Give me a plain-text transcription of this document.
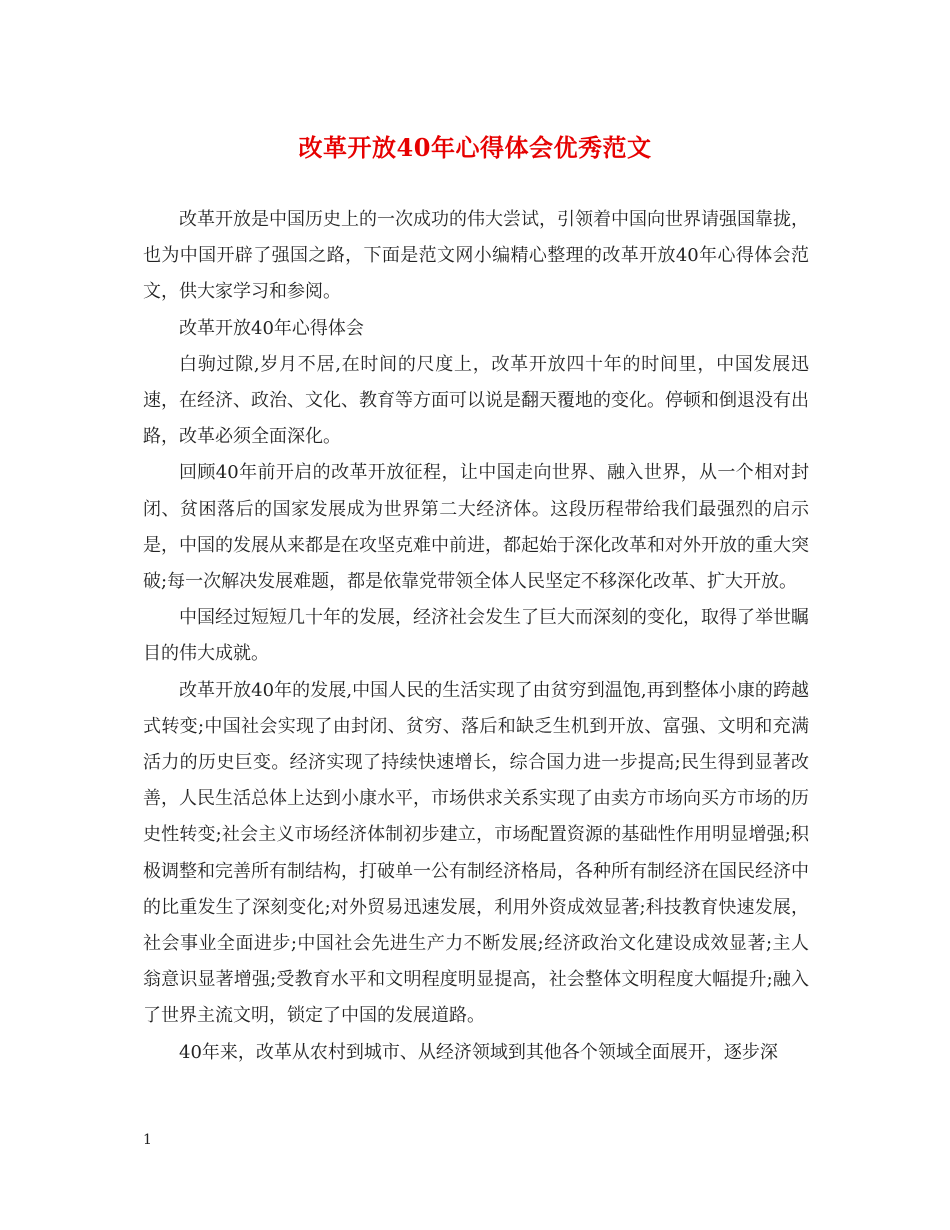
改革开放40年心得体会优秀范文

改革开放是中国历史上的一次成功的伟大尝试，引领着中国向世界请强国靠拢，也为中国开辟了强国之路，下面是范文网小编精心整理的改革开放40年心得体会范文，供大家学习和参阅。

改革开放40年心得体会

白驹过隙,岁月不居,在时间的尺度上，改革开放四十年的时间里，中国发展迅速，在经济、政治、文化、教育等方面可以说是翻天覆地的变化。停顿和倒退没有出路，改革必须全面深化。

回顾40年前开启的改革开放征程，让中国走向世界、融入世界，从一个相对封闭、贫困落后的国家发展成为世界第二大经济体。这段历程带给我们最强烈的启示是，中国的发展从来都是在攻坚克难中前进，都起始于深化改革和对外开放的重大突破;每一次解决发展难题，都是依靠党带领全体人民坚定不移深化改革、扩大开放。

中国经过短短几十年的发展，经济社会发生了巨大而深刻的变化，取得了举世瞩目的伟大成就。

改革开放40年的发展,中国人民的生活实现了由贫穷到温饱,再到整体小康的跨越式转变;中国社会实现了由封闭、贫穷、落后和缺乏生机到开放、富强、文明和充满活力的历史巨变。经济实现了持续快速增长，综合国力进一步提高;民生得到显著改善，人民生活总体上达到小康水平，市场供求关系实现了由卖方市场向买方市场的历史性转变;社会主义市场经济体制初步建立，市场配置资源的基础性作用明显增强;积极调整和完善所有制结构，打破单一公有制经济格局，各种所有制经济在国民经济中的比重发生了深刻变化;对外贸易迅速发展，利用外资成效显著;科技教育快速发展，社会事业全面进步;中国社会先进生产力不断发展;经济政治文化建设成效显著;主人翁意识显著增强;受教育水平和文明程度明显提高，社会整体文明程度大幅提升;融入了世界主流文明，锁定了中国的发展道路。

40年来，改革从农村到城市、从经济领域到其他各个领域全面展开，逐步深

1
